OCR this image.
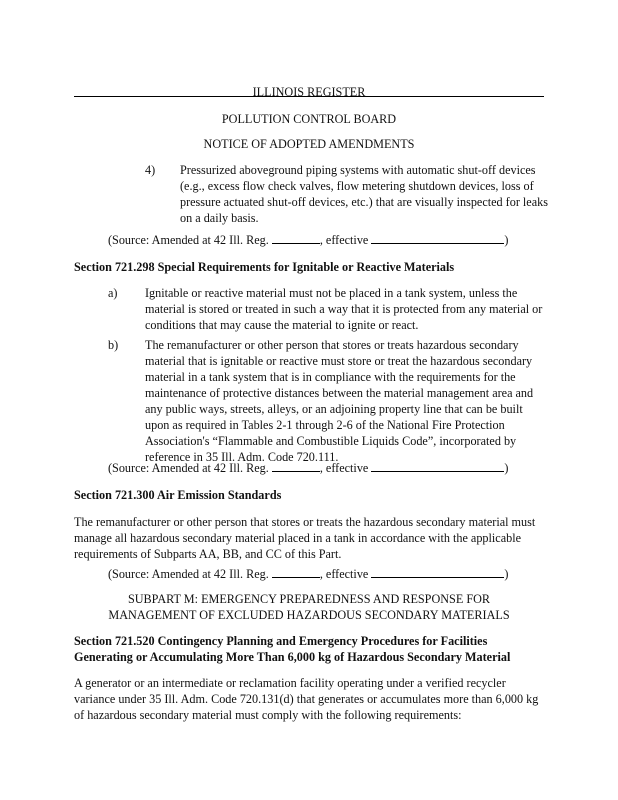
ILLINOIS REGISTER
POLLUTION CONTROL BOARD
NOTICE OF ADOPTED AMENDMENTS
4) Pressurized aboveground piping systems with automatic shut-off devices (e.g., excess flow check valves, flow metering shutdown devices, loss of pressure actuated shut-off devices, etc.) that are visually inspected for leaks on a daily basis.
(Source: Amended at 42 Ill. Reg.	, effective	)
Section 721.298 Special Requirements for Ignitable or Reactive Materials
a) Ignitable or reactive material must not be placed in a tank system, unless the material is stored or treated in such a way that it is protected from any material or conditions that may cause the material to ignite or react.
b) The remanufacturer or other person that stores or treats hazardous secondary material that is ignitable or reactive must store or treat the hazardous secondary material in a tank system that is in compliance with the requirements for the maintenance of protective distances between the material management area and any public ways, streets, alleys, or an adjoining property line that can be built upon as required in Tables 2-1 through 2-6 of the National Fire Protection Association's “Flammable and Combustible Liquids Code”, incorporated by reference in 35 Ill. Adm. Code 720.111.
(Source: Amended at 42 Ill. Reg.	, effective	)
Section 721.300 Air Emission Standards
The remanufacturer or other person that stores or treats the hazardous secondary material must manage all hazardous secondary material placed in a tank in accordance with the applicable requirements of Subparts AA, BB, and CC of this Part.
(Source: Amended at 42 Ill. Reg.	, effective	)
SUBPART M: EMERGENCY PREPAREDNESS AND RESPONSE FOR
MANAGEMENT OF EXCLUDED HAZARDOUS SECONDARY MATERIALS
Section 721.520 Contingency Planning and Emergency Procedures for Facilities
Generating or Accumulating More Than 6,000 kg of Hazardous Secondary Material
A generator or an intermediate or reclamation facility operating under a verified recycler variance under 35 Ill. Adm. Code 720.131(d) that generates or accumulates more than 6,000 kg of hazardous secondary material must comply with the following requirements:
